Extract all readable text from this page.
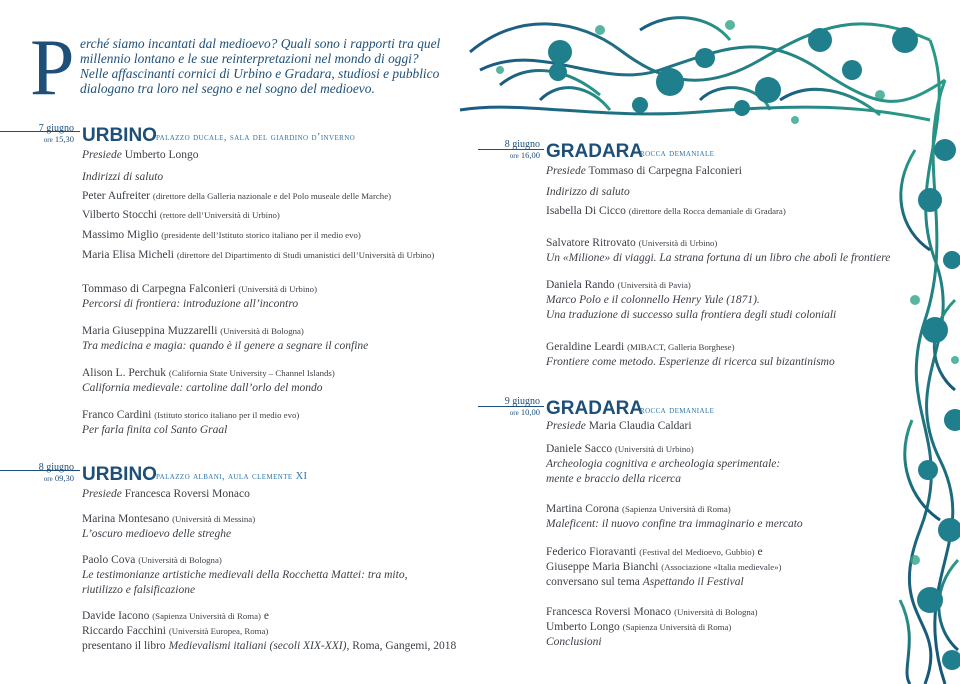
P erché siamo incantati dal medioevo? Quali sono i rapporti tra quel
millennio lontano e le sue reinterpretazioni nel mondo di oggi?
Nelle affascinanti cornici di Urbino e Gradara, studiosi e pubblico
dialogano tra loro nel segno e nel sogno del medioevo.

7 giugno
ore 15,30 URBINO palazzo ducale, sala del giardino d’inverno
Presiede Umberto Longo
Indirizzi di saluto
Peter Aufreiter (direttore della Galleria nazionale e del Polo museale delle Marche)
Vilberto Stocchi (rettore dell’Università di Urbino)
Massimo Miglio (presidente dell’Istituto storico italiano per il medio evo)
Maria Elisa Micheli (direttore del Dipartimento di Studi umanistici dell’Università di Urbino)
Tommaso di Carpegna Falconieri (Università di Urbino)
Percorsi di frontiera: introduzione all’incontro
Maria Giuseppina Muzzarelli (Università di Bologna)
Tra medicina e magia: quando è il genere a segnare il confine
Alison L. Perchuk (California State University – Channel Islands)
California medievale: cartoline dall’orlo del mondo
Franco Cardini (Istituto storico italiano per il medio evo)
Per farla finita col Santo Graal
8 giugno
ore 09,30 URBINO palazzo albani, aula clemente XI
Presiede Francesca Roversi Monaco
Marina Montesano (Università di Messina)
L’oscuro medioevo delle streghe
Paolo Cova (Università di Bologna)
Le testimonianze artistiche medievali della Rocchetta Mattei: tra mito,
riutilizzo e falsificazione
Davide Iacono (Sapienza Università di Roma) e
Riccardo Facchini (Università Europea, Roma)
presentano il libro Medievalismi italiani (secoli XIX-XXI), Roma, Gangemi, 2018
8 giugno
ore 16,00 GRADARA
rocca demaniale
Presiede Tommaso di Carpegna Falconieri
Indirizzo di saluto
Isabella Di Cicco (direttore della Rocca demaniale di Gradara)
Salvatore Ritrovato (Università di Urbino)
Un «Milione» di viaggi. La strana fortuna di un libro che abolì le frontiere
Daniela Rando (Università di Pavia)
Marco Polo e il colonnello Henry Yule (1871).
Una traduzione di successo sulla frontiera degli studi coloniali
Geraldine Leardi (MIBACT, Galleria Borghese)
Frontiere come metodo. Esperienze di ricerca sul bizantinismo
9 giugno
ore 10,00 GRADARA
rocca demaniale
Presiede Maria Claudia Caldari
Daniele Sacco (Università di Urbino)
Archeologia cognitiva e archeologia sperimentale:
mente e braccio della ricerca
Martina Corona (Sapienza Università di Roma)
Maleficent: il nuovo confine tra immaginario e mercato
Federico Fioravanti (Festival del Medioevo, Gubbio) e
Giuseppe Maria Bianchi (Associazione «Italia medievale»)
conversano sul tema Aspettando il Festival
Francesca Roversi Monaco (Università di Bologna)
Umberto Longo (Sapienza Università di Roma)
Conclusioni
